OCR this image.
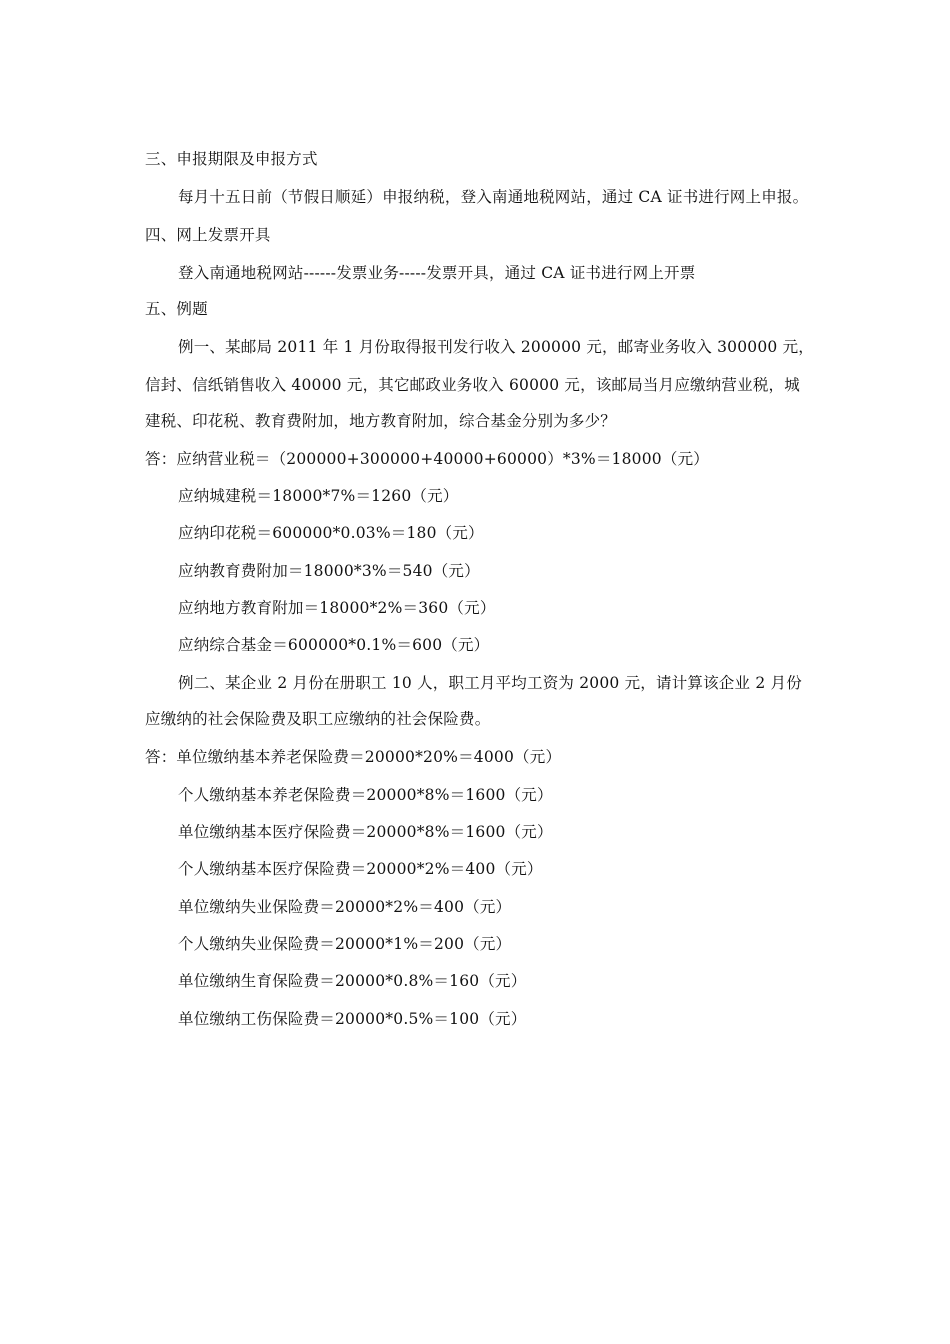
三、申报期限及申报方式
每月十五日前（节假日顺延）申报纳税，登入南通地税网站，通过 CA 证书进行网上申报。
四、网上发票开具
登入南通地税网站------发票业务-----发票开具，通过 CA 证书进行网上开票
五、例题
例一、某邮局 2011 年 1 月份取得报刊发行收入 200000 元，邮寄业务收入 300000 元，
信封、信纸销售收入 40000 元，其它邮政业务收入 60000 元，该邮局当月应缴纳营业税，城
建税、印花税、教育费附加，地方教育附加，综合基金分别为多少？
答：应纳营业税＝（200000+300000+40000+60000）*3%＝18000（元）
应纳城建税＝18000*7%＝1260（元）
应纳印花税＝600000*0.03%＝180（元）
应纳教育费附加＝18000*3%＝540（元）
应纳地方教育附加＝18000*2%＝360（元）
应纳综合基金＝600000*0.1%＝600（元）
例二、某企业 2 月份在册职工 10 人，职工月平均工资为 2000 元，请计算该企业 2 月份
应缴纳的社会保险费及职工应缴纳的社会保险费。
答：单位缴纳基本养老保险费＝20000*20%＝4000（元）
个人缴纳基本养老保险费＝20000*8%＝1600（元）
单位缴纳基本医疗保险费＝20000*8%＝1600（元）
个人缴纳基本医疗保险费＝20000*2%＝400（元）
单位缴纳失业保险费＝20000*2%＝400（元）
个人缴纳失业保险费＝20000*1%＝200（元）
单位缴纳生育保险费＝20000*0.8%＝160（元）
单位缴纳工伤保险费＝20000*0.5%＝100（元）
